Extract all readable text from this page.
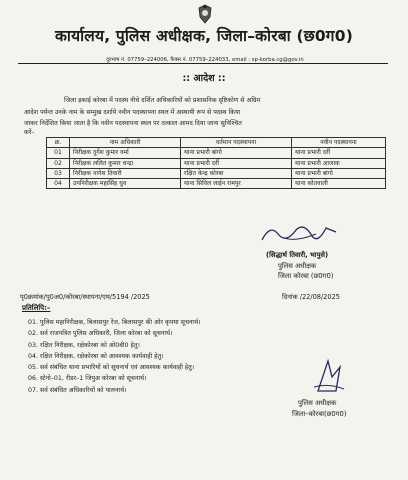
कार्यालय, पुलिस अधीक्षक, जिला–कोरबा (छ0ग0)
दूरभाष नं. 07759–224006, फैक्स नं. 07759–224033, email : sp-korba.cg@gov.in
:: आदेश ::
जिला इकाई कोरबा में पदस्थ नीचे दर्शित अधिकारियों को प्रशासनिक दृष्टिकोण से अग्रिम
आदेश पर्यन्त उनके नाम के सम्मुख दर्शाये नवीन पदस्थापना स्थल में अस्थायी रूप से पदस्थ किया
जाकर निर्देशित किया जाता है कि नवीन पदस्थापना स्थल पर तत्काल आमद दिया जाना सुनिश्चित
करें–
क्र.	नाम अधिकारी	वर्तमान पदस्थापना	नवीन पदस्थापना
01	निरीक्षक दुर्गेश कुमार वर्मा	थाना प्रभारी बांगो	थाना प्रभारी दर्री
02	निरीक्षक ललित कुमार चन्द्रा	थाना प्रभारी दर्री	थाना प्रभारी आजाक
03	निरीक्षक नागेश तिवारी	रक्षित केन्द्र कोरबा	थाना प्रभारी बांगो
04	उपनिरीक्षक महासिंह धुव	थाना सिविल लाईन रामपुर	थाना कोतवाली
(सिद्धार्थ तिवारी, भापुसे)
पुलिस अधीक्षक
जिला कोरबा (छ0ग0)
पृ0क्रमांक/पु0अ0/कोरबा/स्थापना/एम/5194 /2025	दिनांक /22/08/2025
प्रतिलिपि:–
01. पुलिस महानिरीक्षक, बिलासपुर रेंज, बिलासपुर की ओर कृपया सूचनार्थ।
02. सर्व राजपत्रित पुलिस अधिकारी, जिला कोरबा को सूचनार्थ।
03. रक्षित निरीक्षक, रक्षेकोरबा को ओ0बी0 हेतु।
04. रक्षित निरीक्षक, रक्षेकोरबा को आवश्यक कार्यवाही हेतु।
05. सर्व संबंधित थाना प्रभारियों को सूचनार्थ एवं आवश्यक कार्यवाही हेतु।
06. स्टेनो–01, रीडर–1 जिपुअ कोरबा को सूचनार्थ।
07. सर्व संबंधित अधिकारियों को पालनार्थ।
पुलिस अधीक्षक
जिला–कोरबा(छ0ग0)
